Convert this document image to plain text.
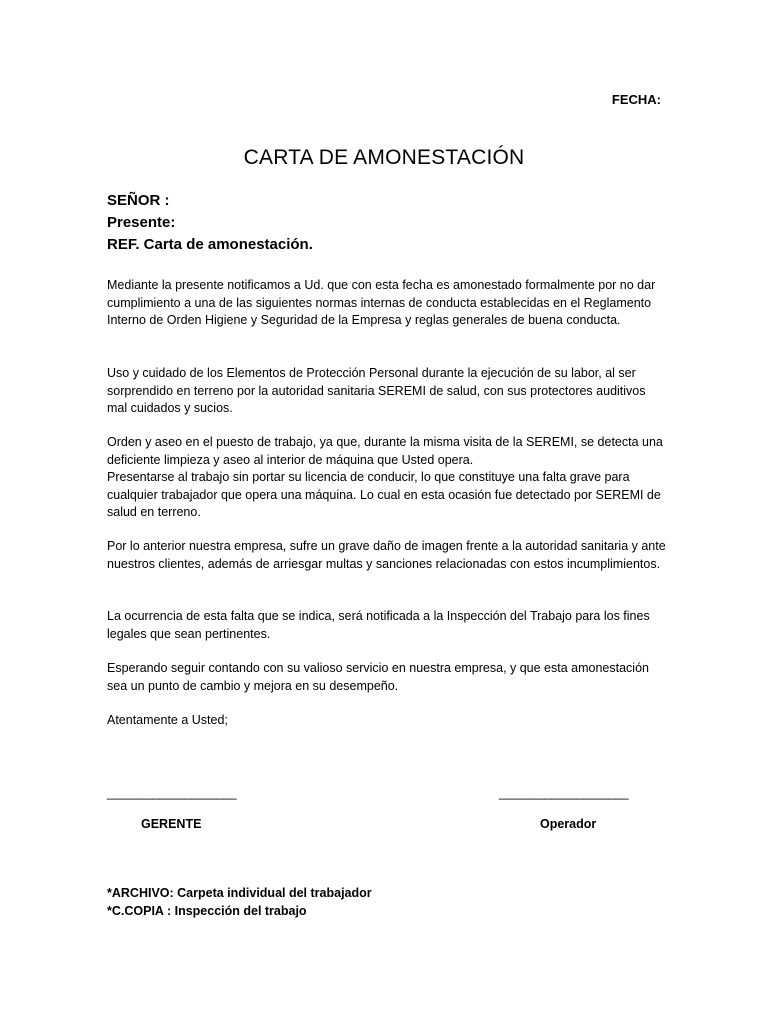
FECHA:
CARTA DE AMONESTACIÓN
SEÑOR :
Presente:
REF. Carta de amonestación.

Mediante la presente notificamos a Ud. que con esta fecha es amonestado formalmente por no dar cumplimiento a una de las siguientes normas internas de conducta establecidas en el Reglamento Interno de Orden Higiene y Seguridad de la Empresa y reglas generales de buena conducta.

Uso y cuidado de los Elementos de Protección Personal durante la ejecución de su labor, al ser sorprendido en terreno por la autoridad sanitaria SEREMI de salud, con sus protectores auditivos mal cuidados y sucios.

Orden y aseo en el puesto de trabajo, ya que, durante la misma visita de la SEREMI, se detecta una deficiente limpieza y aseo al interior de máquina que Usted opera.

Presentarse al trabajo sin portar su licencia de conducir, lo que constituye una falta grave para cualquier trabajador que opera una máquina. Lo cual en esta ocasión fue detectado por SEREMI de salud en terreno.

Por lo anterior nuestra empresa, sufre un grave daño de imagen frente a la autoridad sanitaria y ante nuestros clientes, además de arriesgar multas y sanciones relacionadas con estos incumplimientos.

La ocurrencia de esta falta que se indica, será notificada a la Inspección del Trabajo para los fines legales que sean pertinentes.

Esperando seguir contando con su valioso servicio en nuestra empresa, y que esta amonestación sea un punto de cambio y mejora en su desempeño.

Atentamente a Usted;

____________________	____________________
GERENTE	Operador
*ARCHIVO: Carpeta individual del trabajador
*C.COPIA : Inspección del trabajo
